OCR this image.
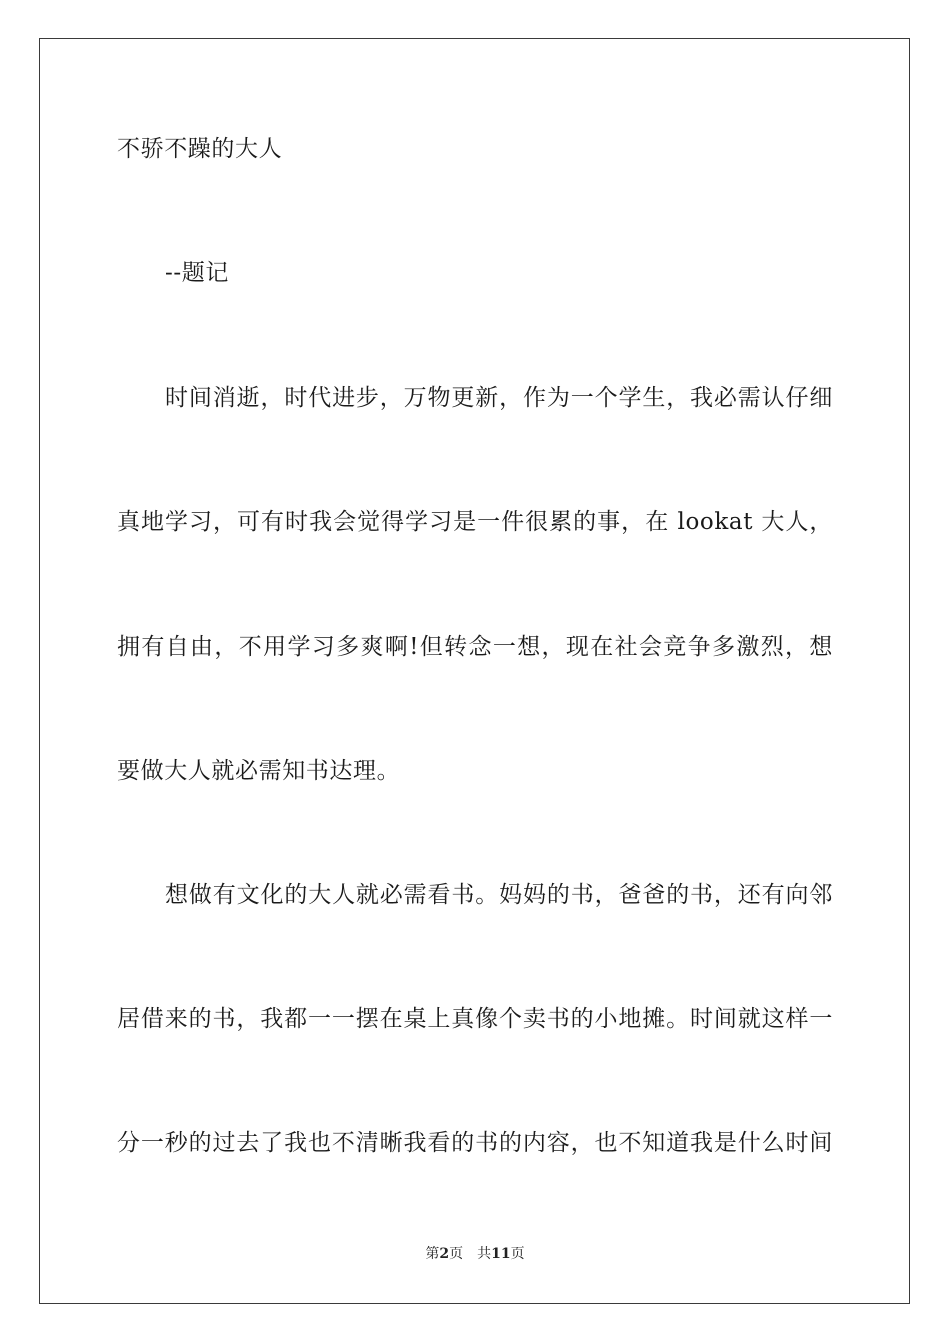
不骄不躁的大人
--题记
时间消逝，时代进步，万物更新，作为一个学生，我必需认仔细
真地学习，可有时我会觉得学习是一件很累的事，在 lookat 大人，
拥有自由，不用学习多爽啊!但转念一想，现在社会竞争多激烈，想
要做大人就必需知书达理。
想做有文化的大人就必需看书。妈妈的书，爸爸的书，还有向邻
居借来的书，我都一一摆在桌上真像个卖书的小地摊。时间就这样一
分一秒的过去了我也不清晰我看的书的内容，也不知道我是什么时间
第2页 共11页
